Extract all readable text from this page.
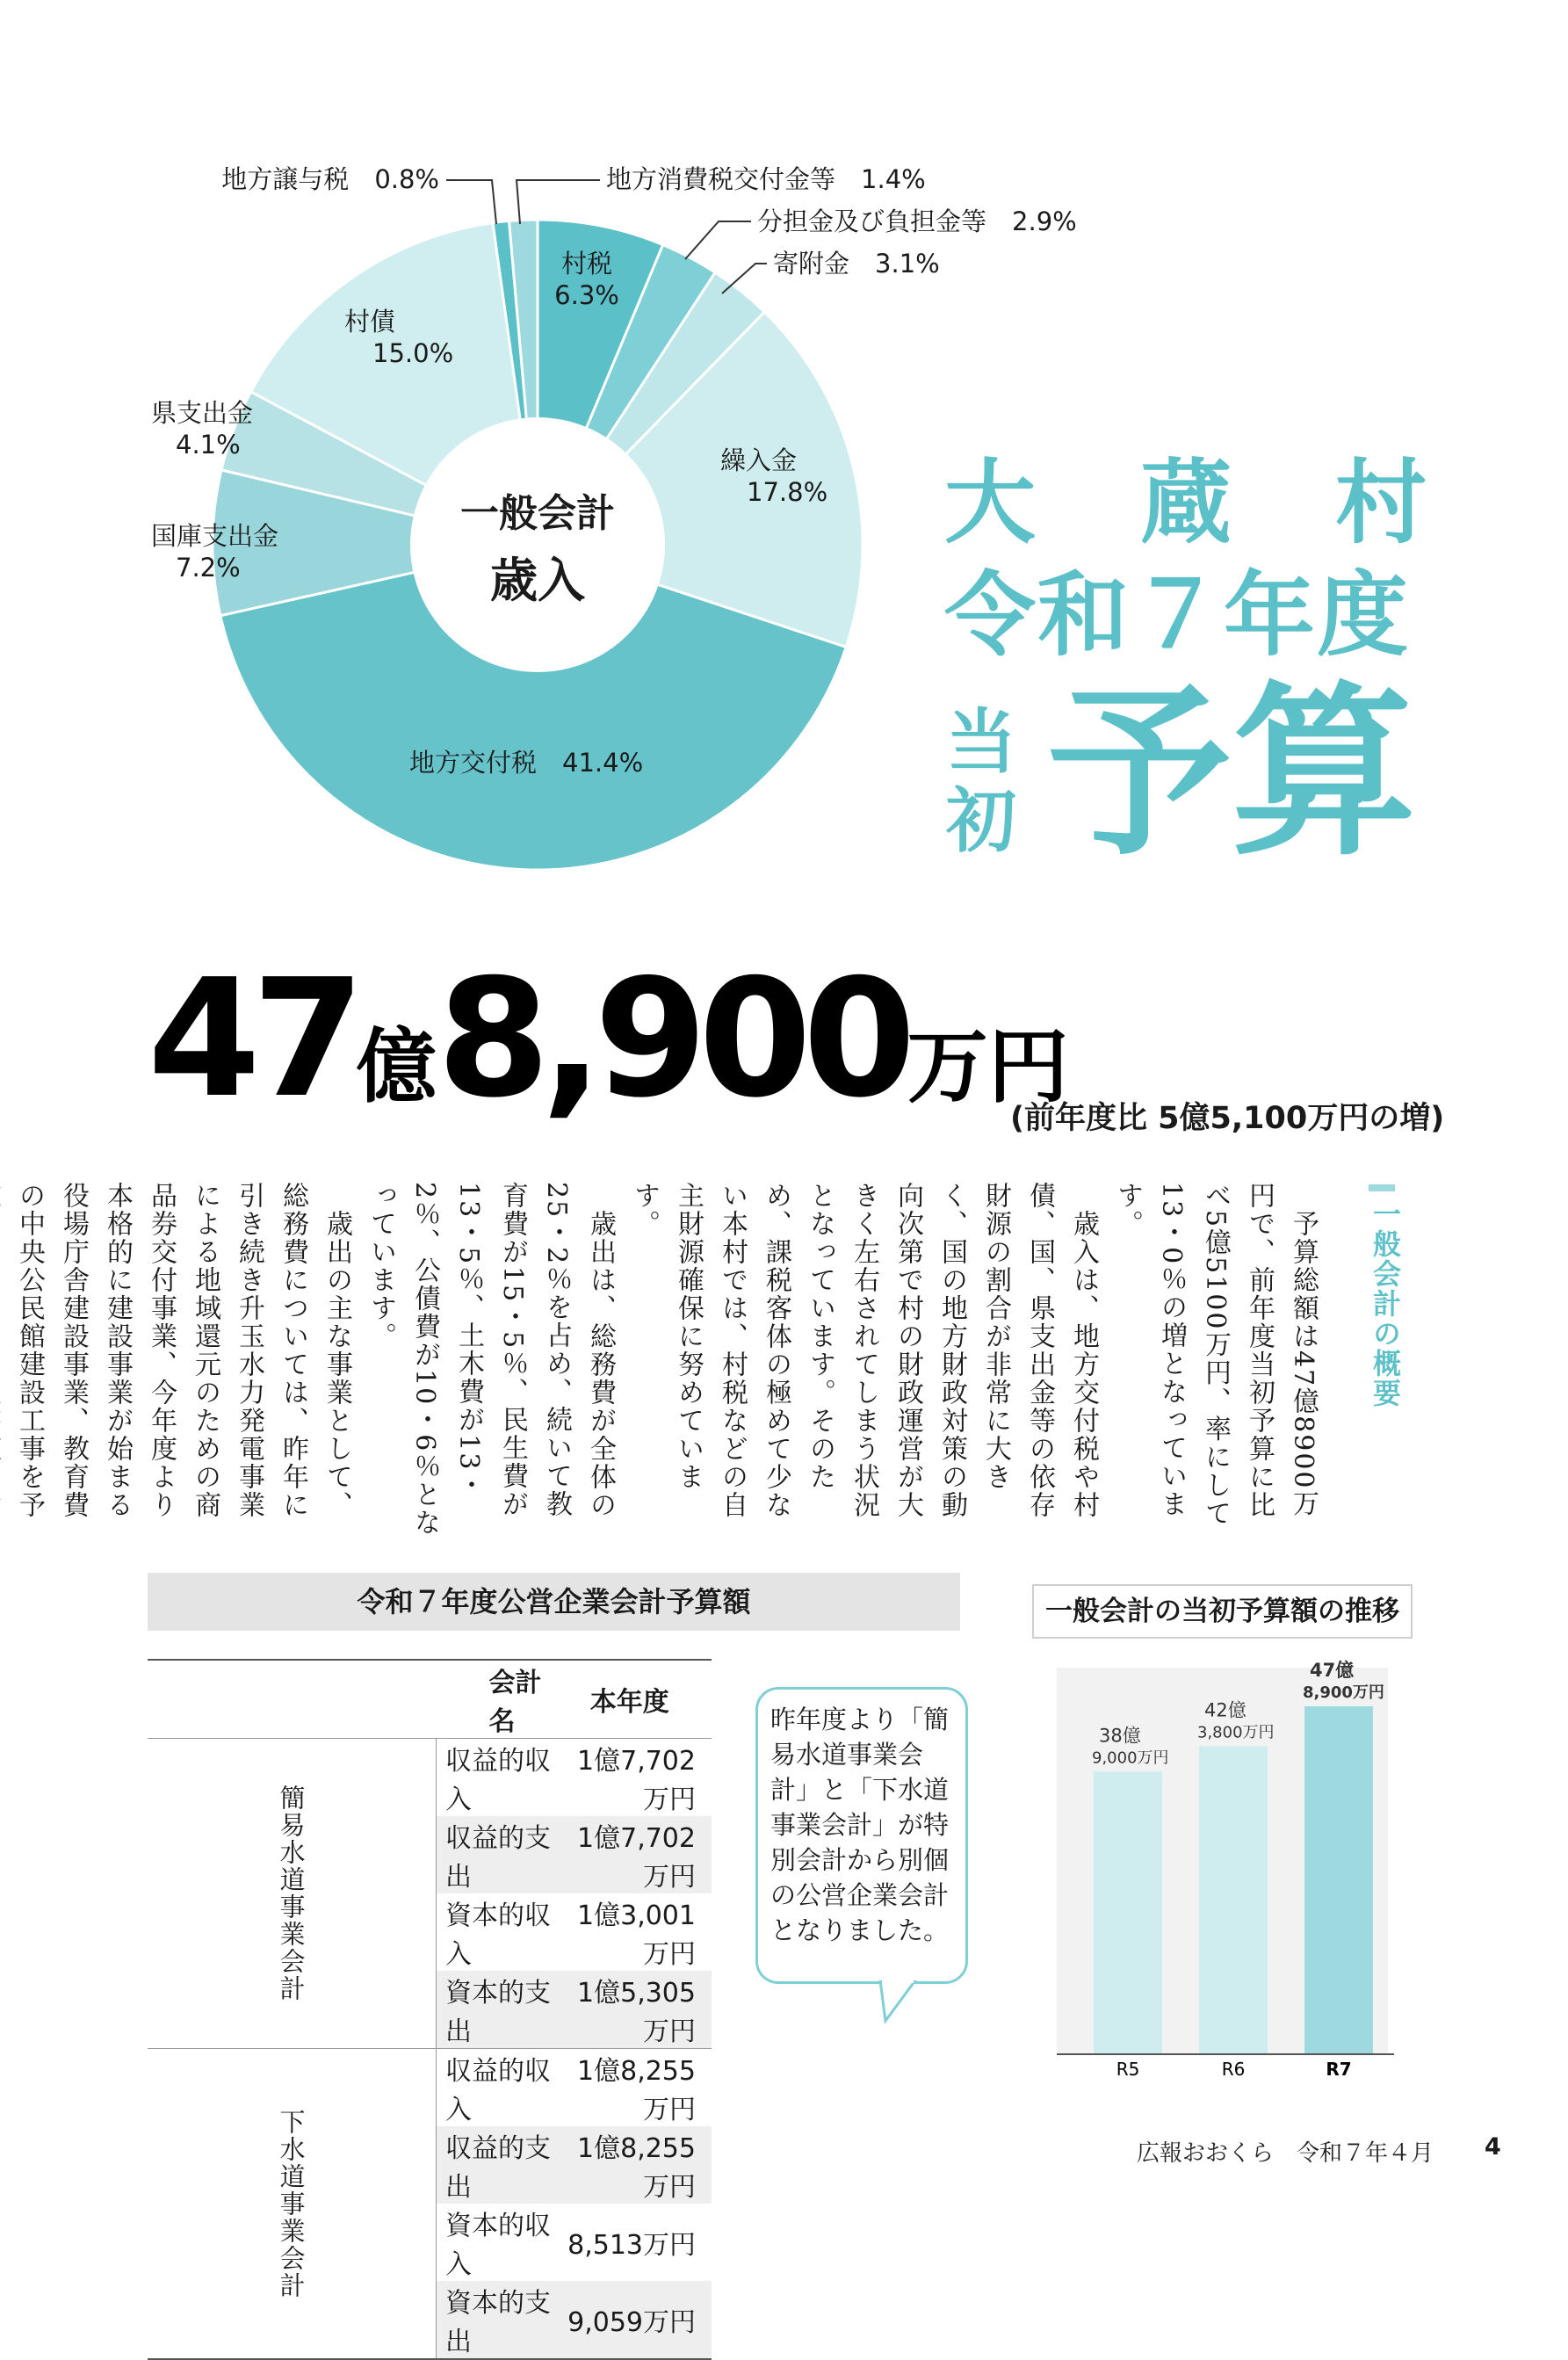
一般会計
歳入
地方譲与税　 0.8%	地方消費税交付金等　 1.4%
分担金及び負担金等　 2.9%
寄附金　 3.1%
村税
6.3%
繰入金
17.8%
地方交付税　 41.4%
国庫支出金
7.2%
県支出金
4.1%
村債
15.0%
大 蔵 村
令和７年度
当
初 予算
47億8,900万円
(前年度比 5億5,100万円の増)
一般会計の概要
　予算総額は47億8900万円で、前年度当初予算に比べ5億5100万円、率にして13・0％の増となっています。
　歳入は、地方交付税や村債、国、県支出金等の依存財源の割合が非常に大きく、国の地方財政対策の動向次第で村の財政運営が大きく左右されてしまう状況となっています。そのため、課税客体の極めて少ない本村では、村税などの自主財源確保に努めています。
　歳出は、総務費が全体の25・2％を占め、続いて教育費が15・5％、民生費が13・5％、土木費が13・2％、公債費が10・6％となっています。
　歳出の主な事業として、総務費については、昨年に引き続き升玉水力発電事業による地域還元のための商品券交付事業、今年度より本格的に建設事業が始まる役場庁舎建設事業、教育費の中央公民館建設工事を予
令和７年度公営企業会計予算額
	会計名	本年度
簡易水道事業会計	収益的収入	1億7,702万円
	収益的支出	1億7,702万円
	資本的収入	1億3,001万円
	資本的支出	1億5,305万円
下水道事業会計	収益的収入	1億8,255万円
	収益的支出	1億8,255万円
	資本的収入	8,513万円
	資本的支出	9,059万円
昨年度より「簡易水道事業会計」と「下水道事業会計」が特別会計から別個の公営企業会計となりました。
一般会計の当初予算額の推移
38億
9,000万円
R5
42億
3,800万円
R6
47億
8,900万円
R7
広報おおくら　令和７年４月 4
